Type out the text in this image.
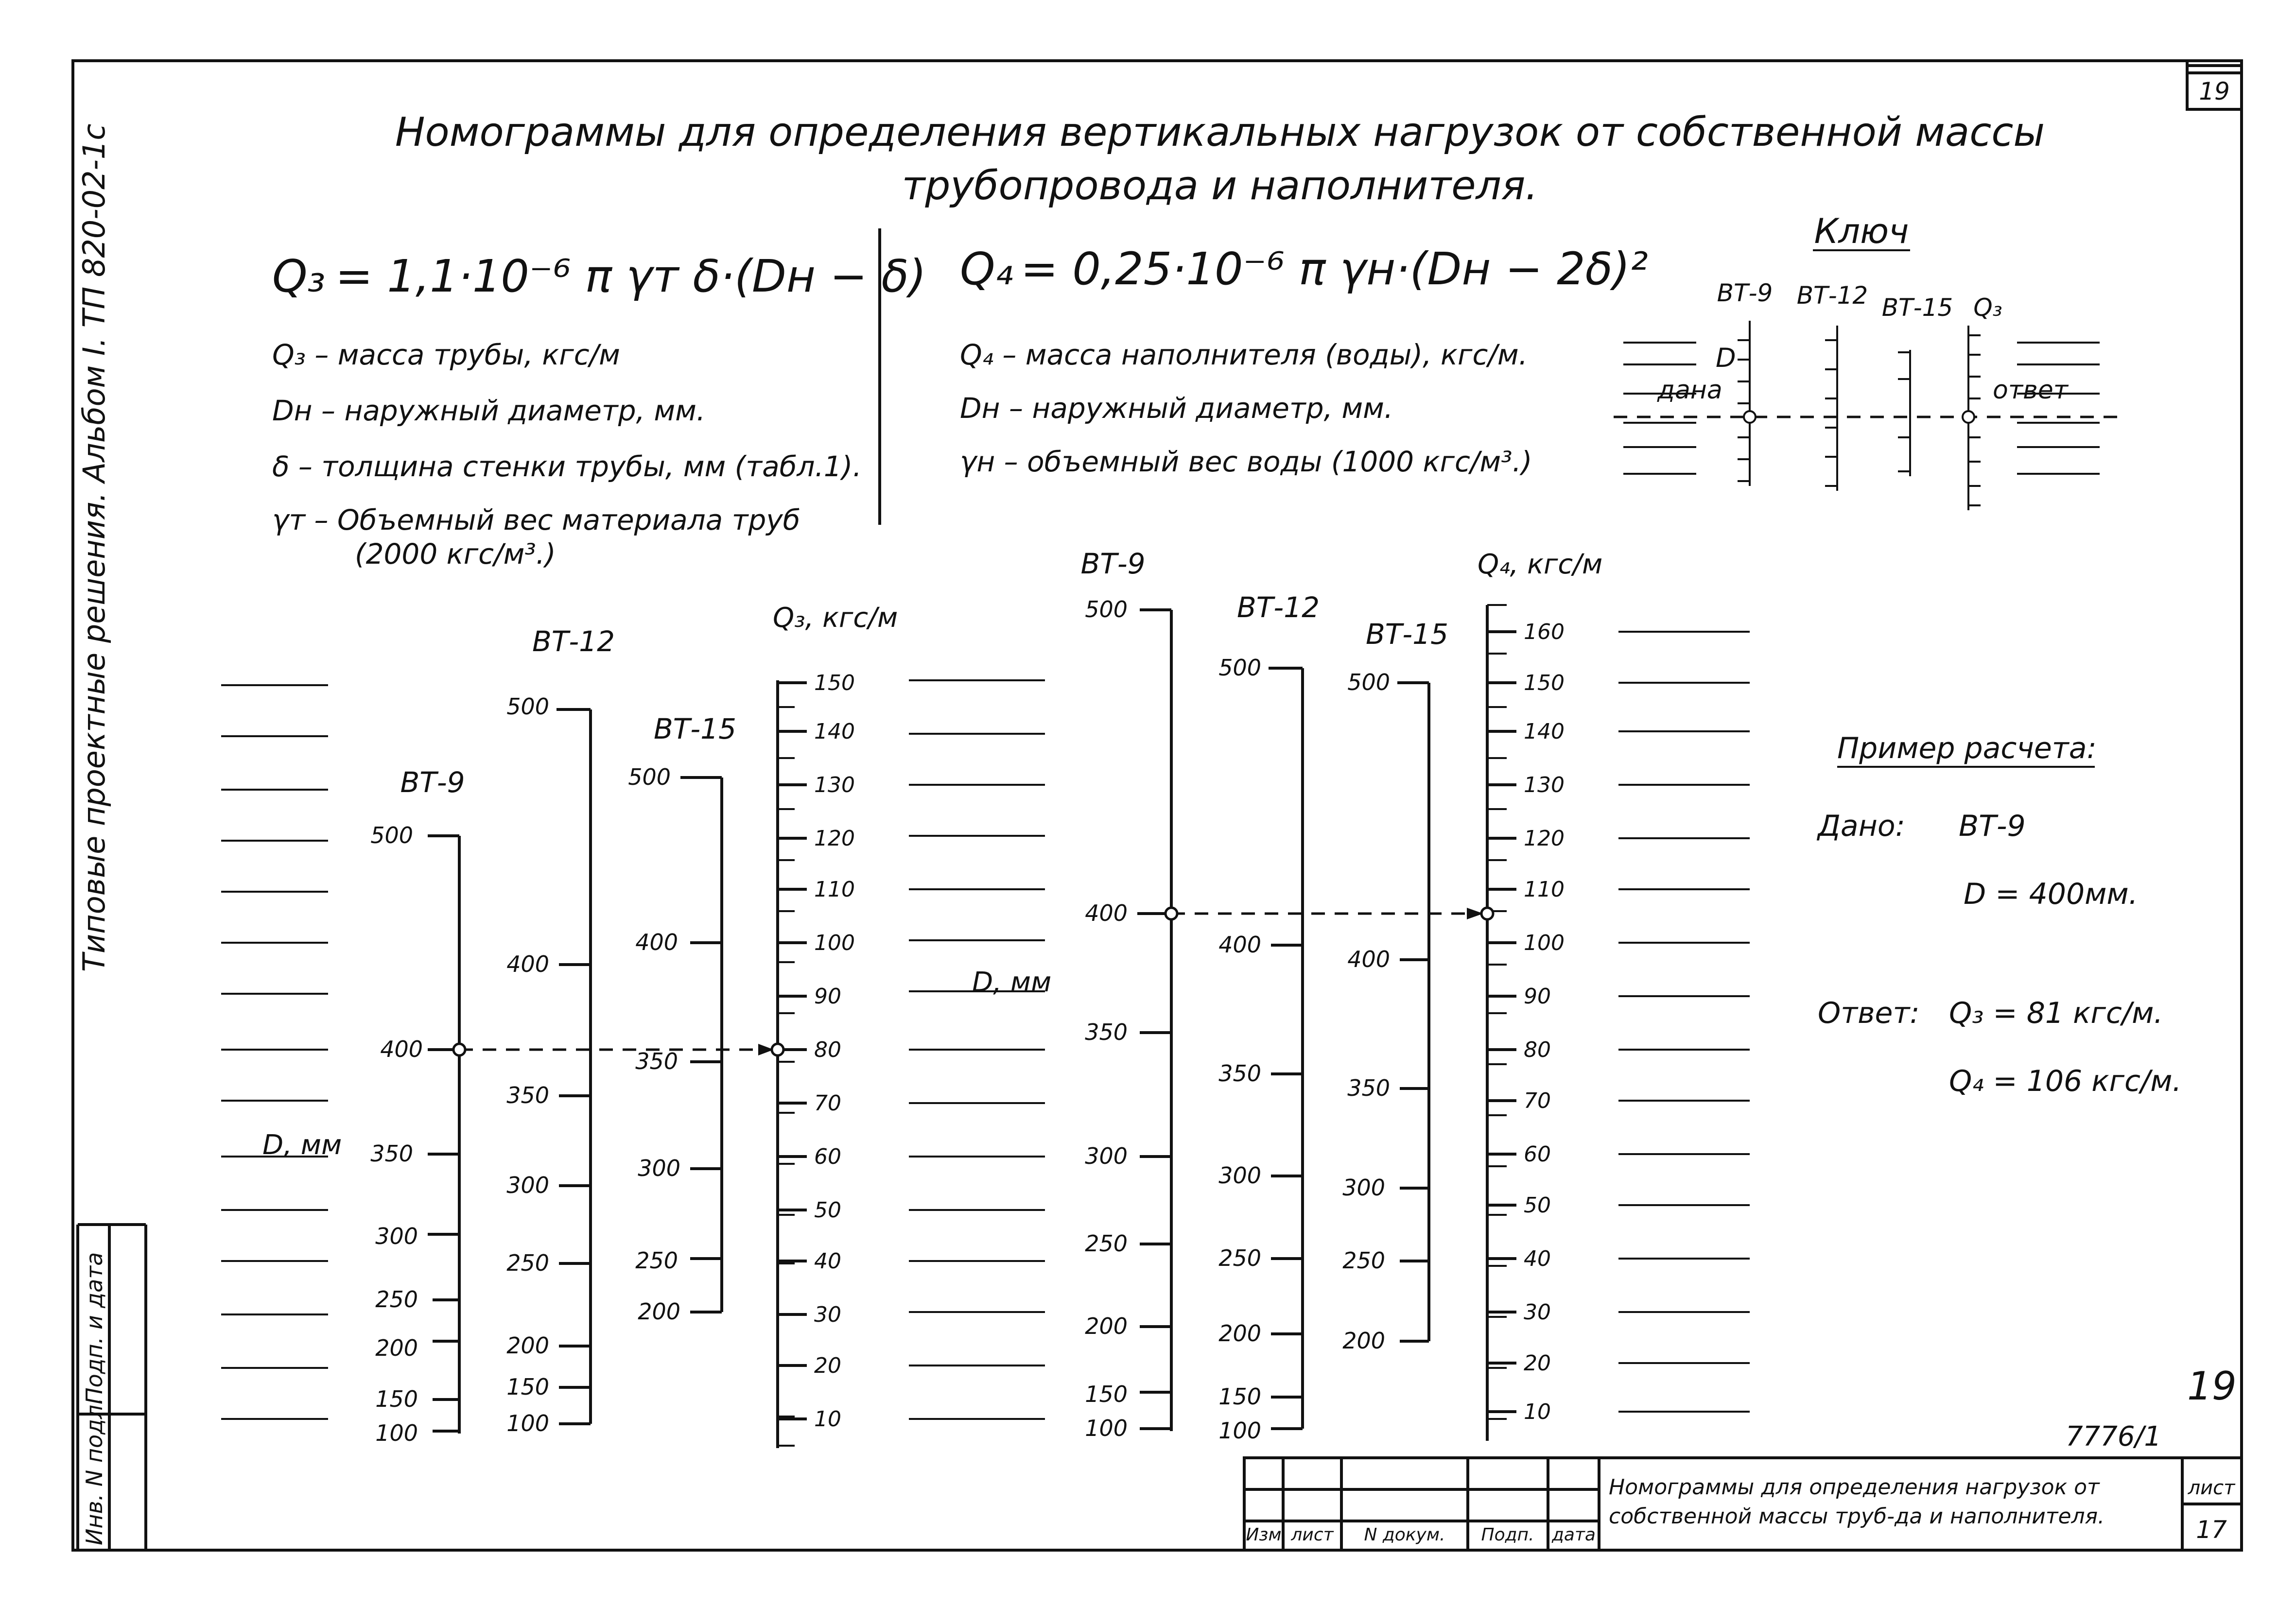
19
Подп. и дата
Инв. N подл.
Типовые проектные решения. Альбом I. ТП 820-02-1с	Номограммы для определения вертикальных нагрузок от собственной массы
трубопровода и наполнителя.
Q₃ = 1,1·10⁻⁶ π γт δ·(Dн − δ)
Q₃ – масса трубы, кгс/м
Dн – наружный диаметр, мм.
δ – толщина стенки трубы, мм (табл.1).
γт – Объемный вес материала труб
(2000 кгс/м³.)
Q₄ = 0,25·10⁻⁶ π γн·(Dн − 2δ)²
Q₄ – масса наполнителя (воды), кгс/м.
Dн – наружный диаметр, мм.
γн – объемный вес воды (1000 кгс/м³.)
Ключ
ВТ-9 ВТ-12 ВТ-15 Q₃
D
дана	ответ
D, мм
ВТ-9
ВТ-12
ВТ-15
Q₃, кгс/м
500
400
350
300
250
200
150
100
500
400
350
300
250
200
150
100
500
400
350
300
250
200
150
140
130
120
110
100
90
80
70
60
50
40
30
20
10
D, мм
ВТ-9
ВТ-12
ВТ-15
Q₄, кгс/м
500
400
350
300
250
200
150
100
500
400
350
300
250
200
150
100
500
400
350
300
250
200
160
150
140
130
120
110
100
90
80
70
60
50
40
30
20
10
Пример расчета:
Дано: ВТ-9
D = 400мм.
Ответ: Q₃ = 81 кгс/м.
Q₄ = 106 кгс/м.
19
7776/1
Изм лист N докум. Подп. дата
Номограммы для определения нагрузок от
собственной массы труб-да и наполнителя.
лист
17
